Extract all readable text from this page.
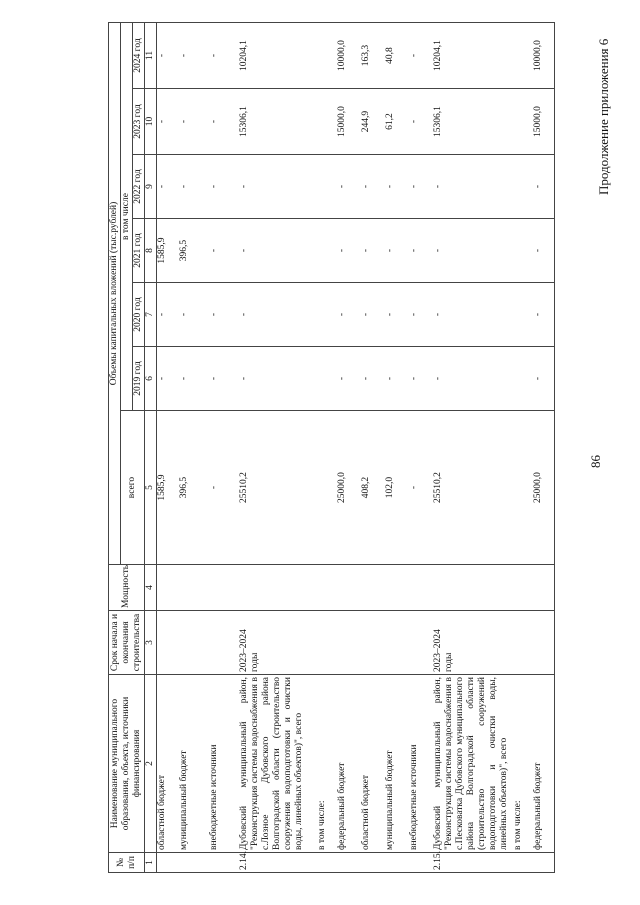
86
Продолжение приложения 6
№
п/п	Наименование муниципального образования, объекта, источники финансирования	Срок начала и окончания строительства	Мощность	Объемы капитальных вложений (тыс.рублей)						
				всего	в том числе					
					2019 год	2020 год	2021 год	2022 год	2023 год	2024 год
1	2	3	4	5	6	7	8	9	10	11
	областной бюджет			1585,9	-	-	1585,9	-	-	-
	муниципальный бюджет			396,5	-	-	396,5	-	-	-
	внебюджетные источники			-	-	-	-	-	-	-
2.14.	Дубовский муниципальный район, "Реконструкция системы водоснабжения в с.Лозное Дубовского района Волгоградской области (строительство сооружения водоподготовки и очистки воды, линейных объектов)", всего	2023–2024 годы		25510,2	-	-	-	-	15306,1	10204,1
	в том числе:									
	федеральный бюджет			25000,0	-	-	-	-	15000,0	10000,0
	областной бюджет			408,2	-	-	-	-	244,9	163,3
	муниципальный бюджет			102,0	-	-	-	-	61,2	40,8
	внебюджетные источники			-	-	-	-	-	-	-
2.15.	Дубовский муниципальный район, "Реконструкция системы водоснабжения в с.Песковатка Дубовского муниципального района Волгоградской области (строительство сооружений водоподготовки и очистки воды, линейных объектов)", всего	2023–2024 годы		25510,2	-	-	-	-	15306,1	10204,1
	в том числе:									
	федеральный бюджет			25000,0	-	-	-	-	15000,0	10000,0
